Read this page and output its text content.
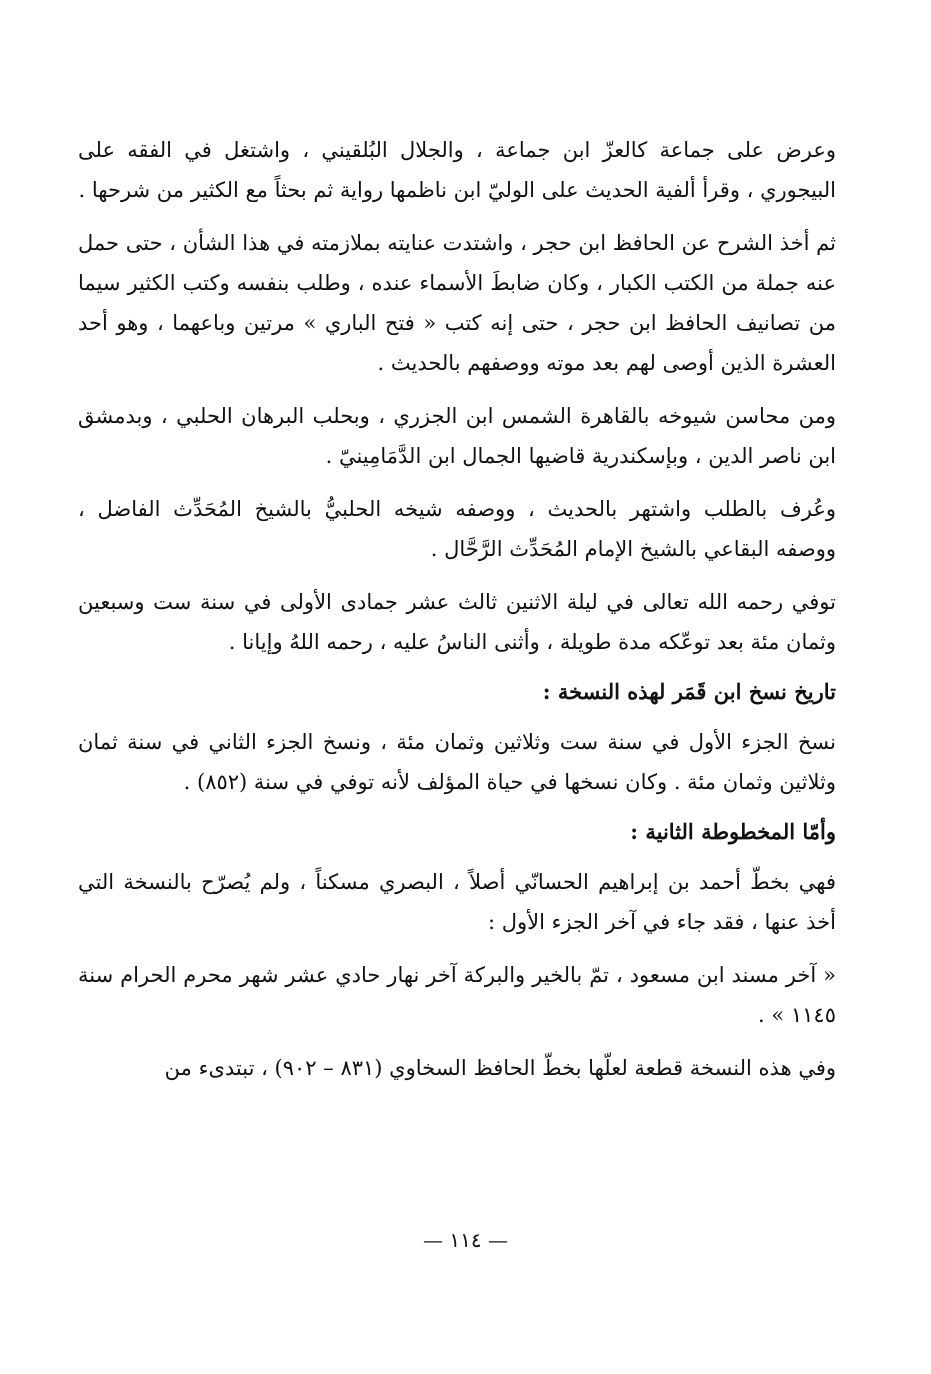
وعرض على جماعة كالعزّ ابن جماعة ، والجلال البُلقيني ، واشتغل في الفقه على البيجوري ، وقرأ ألفية الحديث على الوليّ ابن ناظمها رواية ثم بحثاً مع الكثير من شرحها .

ثم أخذ الشرح عن الحافظ ابن حجر ، واشتدت عنايته بملازمته في هذا الشأن ، حتى حمل عنه جملة من الكتب الكبار ، وكان ضابطَ الأسماء عنده ، وطلب بنفسه وكتب الكثير سيما من تصانيف الحافظ ابن حجر ، حتى إنه كتب « فتح الباري » مرتين وباعهما ، وهو أحد العشرة الذين أوصى لهم بعد موته ووصفهم بالحديث .

ومن محاسن شيوخه بالقاهرة الشمس ابن الجزري ، وبحلب البرهان الحلبي ، وبدمشق ابن ناصر الدين ، وبإسكندرية قاضيها الجمال ابن الدَّمَامِينيّ .

وعُرف بالطلب واشتهر بالحديث ، ووصفه شيخه الحلبيُّ بالشيخ المُحَدِّث الفاضل ، ووصفه البقاعي بالشيخ الإمام المُحَدِّث الرَّحَّال .

توفي رحمه الله تعالى في ليلة الاثنين ثالث عشر جمادى الأولى في سنة ست وسبعين وثمان مئة بعد توعّكه مدة طويلة ، وأثنى الناسُ عليه ، رحمه اللهُ وإيانا .

تاريخ نسخ ابن قَمَر لهذه النسخة :

نسخ الجزء الأول في سنة ست وثلاثين وثمان مئة ، ونسخ الجزء الثاني في سنة ثمان وثلاثين وثمان مئة . وكان نسخها في حياة المؤلف لأنه توفي في سنة (٨٥٢) .

وأمّا المخطوطة الثانية :

فهي بخطّ أحمد بن إبراهيم الحسانّي أصلاً ، البصري مسكناً ، ولم يُصرّح بالنسخة التي أخذ عنها ، فقد جاء في آخر الجزء الأول :

« آخر مسند ابن مسعود ، تمّ بالخير والبركة آخر نهار حادي عشر شهر محرم الحرام سنة ١١٤٥ » .

وفي هذه النسخة قطعة لعلّها بخطّ الحافظ السخاوي (٨٣١ – ٩٠٢) ، تبتدىء من

— ١١٤ —
